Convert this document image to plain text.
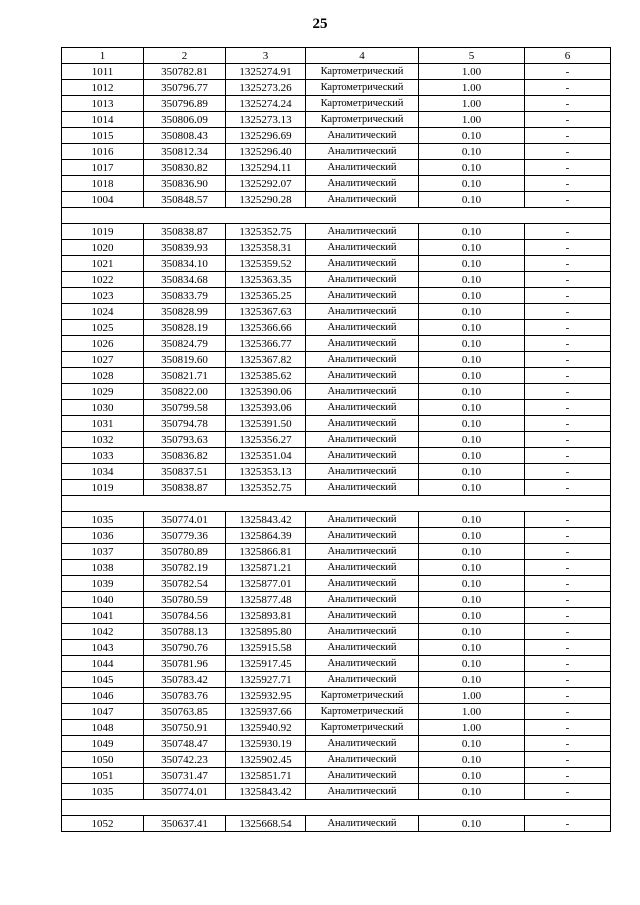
25
1	2	3	4	5	6
1011	350782.81	1325274.91	Картометрический	1.00	-
1012	350796.77	1325273.26	Картометрический	1.00	-
1013	350796.89	1325274.24	Картометрический	1.00	-
1014	350806.09	1325273.13	Картометрический	1.00	-
1015	350808.43	1325296.69	Аналитический	0.10	-
1016	350812.34	1325296.40	Аналитический	0.10	-
1017	350830.82	1325294.11	Аналитический	0.10	-
1018	350836.90	1325292.07	Аналитический	0.10	-
1004	350848.57	1325290.28	Аналитический	0.10	-

1019	350838.87	1325352.75	Аналитический	0.10	-
1020	350839.93	1325358.31	Аналитический	0.10	-
1021	350834.10	1325359.52	Аналитический	0.10	-
1022	350834.68	1325363.35	Аналитический	0.10	-
1023	350833.79	1325365.25	Аналитический	0.10	-
1024	350828.99	1325367.63	Аналитический	0.10	-
1025	350828.19	1325366.66	Аналитический	0.10	-
1026	350824.79	1325366.77	Аналитический	0.10	-
1027	350819.60	1325367.82	Аналитический	0.10	-
1028	350821.71	1325385.62	Аналитический	0.10	-
1029	350822.00	1325390.06	Аналитический	0.10	-
1030	350799.58	1325393.06	Аналитический	0.10	-
1031	350794.78	1325391.50	Аналитический	0.10	-
1032	350793.63	1325356.27	Аналитический	0.10	-
1033	350836.82	1325351.04	Аналитический	0.10	-
1034	350837.51	1325353.13	Аналитический	0.10	-
1019	350838.87	1325352.75	Аналитический	0.10	-

1035	350774.01	1325843.42	Аналитический	0.10	-
1036	350779.36	1325864.39	Аналитический	0.10	-
1037	350780.89	1325866.81	Аналитический	0.10	-
1038	350782.19	1325871.21	Аналитический	0.10	-
1039	350782.54	1325877.01	Аналитический	0.10	-
1040	350780.59	1325877.48	Аналитический	0.10	-
1041	350784.56	1325893.81	Аналитический	0.10	-
1042	350788.13	1325895.80	Аналитический	0.10	-
1043	350790.76	1325915.58	Аналитический	0.10	-
1044	350781.96	1325917.45	Аналитический	0.10	-
1045	350783.42	1325927.71	Аналитический	0.10	-
1046	350783.76	1325932.95	Картометрический	1.00	-
1047	350763.85	1325937.66	Картометрический	1.00	-
1048	350750.91	1325940.92	Картометрический	1.00	-
1049	350748.47	1325930.19	Аналитический	0.10	-
1050	350742.23	1325902.45	Аналитический	0.10	-
1051	350731.47	1325851.71	Аналитический	0.10	-
1035	350774.01	1325843.42	Аналитический	0.10	-

1052	350637.41	1325668.54	Аналитический	0.10	-
